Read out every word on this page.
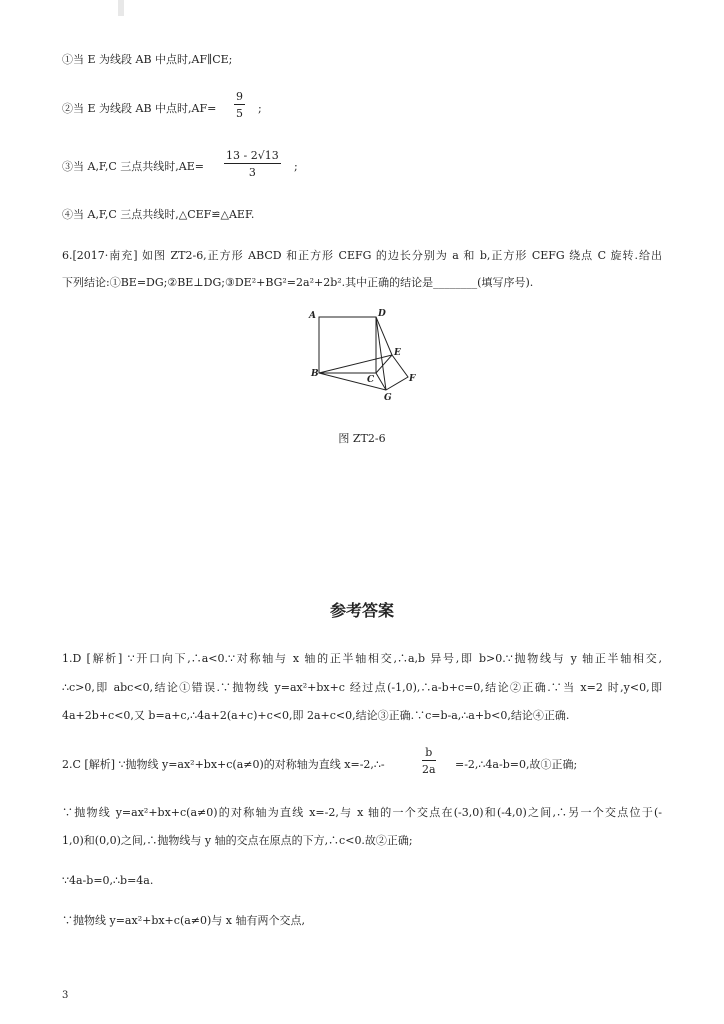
①当 E 为线段 AB 中点时,AF∥CE;
②当 E 为线段 AB 中点时$,AF= \frac{9}{5}$ ;
③当 A,F,C 三点共线时$,AE= \frac{13 - 2√13}{3}$ ;
④当 A,F,C 三点共线时,△CEF≌△AEF.
6.[2017·南充] 如图 ZT2-6,正方形 ABCD 和正方形 CEFG 的边长分别为 a 和 b,正方形 CEFG 绕点 C 旋转.给出
下列结论:①BE=DG;②BE⊥DG;③DE²+BG²=2a²+2b².其中正确的结论是________(填写序号).
A	D
B
C
E
F
G
图 ZT2-6
参考答案
1.D [解析] ∵开口向下,∴a<0.∵对称轴与 x 轴的正半轴相交,∴a,b 异号,即 b>0.∵抛物线与 y 轴正半轴相交,
∴c>0,即 abc<0,结论①错误.∵抛物线 y=ax²+bx+c 经过点(-1,0),∴a-b+c=0,结论②正确.∵当 x=2 时,y<0,即
4a+2b+c<0,又 b=a+c,∴4a+2(a+c)+c<0,即 2a+c<0,结论③正确.∵c=b-a,∴a+b<0,结论④正确.
2.C [解析] ∵抛物线 y=ax²+bx+c(a≠0)的对称轴为直线 x=-2,∴-	$\frac{b}{2a}$ =-2,∴4a-b=0,故①正确;
∵抛物线 y=ax²+bx+c(a≠0)的对称轴为直线 x=-2,与 x 轴的一个交点在(-3,0)和(-4,0)之间,∴另一个交点位于(-
1,0)和(0,0)之间,∴抛物线与 y 轴的交点在原点的下方,∴c<0.故②正确;
∵4a-b=0,∴b=4a.
∵抛物线 y=ax²+bx+c(a≠0)与 x 轴有两个交点,
3
